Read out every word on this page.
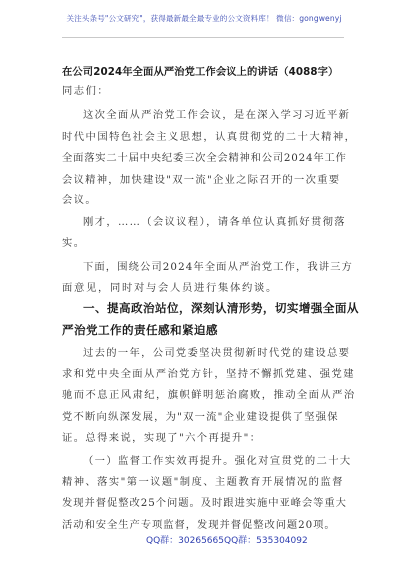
关注头条号"公文研究"，获得最新最全最专业的公文资料库！ 微信：gongwenyj
在公司2024年全面从严治党工作会议上的讲话（4088字）
同志们：
这次全面从严治党工作会议，是在深入学习习近平新
时代中国特色社会主义思想，认真贯彻党的二十大精神，
全面落实二十届中央纪委三次全会精神和公司2024年工作
会议精神，加快建设"双一流"企业之际召开的一次重要
会议。
刚才，……（会议议程），请各单位认真抓好贯彻落
实。
下面，围绕公司2024年全面从严治党工作，我讲三方
面意见，同时对与会人员进行集体约谈。
一、提高政治站位，深刻认清形势，切实增强全面从
严治党工作的责任感和紧迫感
过去的一年，公司党委坚决贯彻新时代党的建设总要
求和党中央全面从严治党方针，坚持不懈抓党建、强党建
驰而不息正风肃纪，旗帜鲜明惩治腐败，推动全面从严治
党不断向纵深发展，为"双一流"企业建设提供了坚强保
证。总得来说，实现了"六个再提升"：
（一）监督工作实效再提升。强化对宣贯党的二十大
精神、落实"第一议题"制度、主题教育开展情况的监督
发现并督促整改25个问题。及时跟进实施中亚峰会等重大
活动和安全生产专项监督，发现并督促整改问题20项。
QQ群：30265665 QQ群：535304092
